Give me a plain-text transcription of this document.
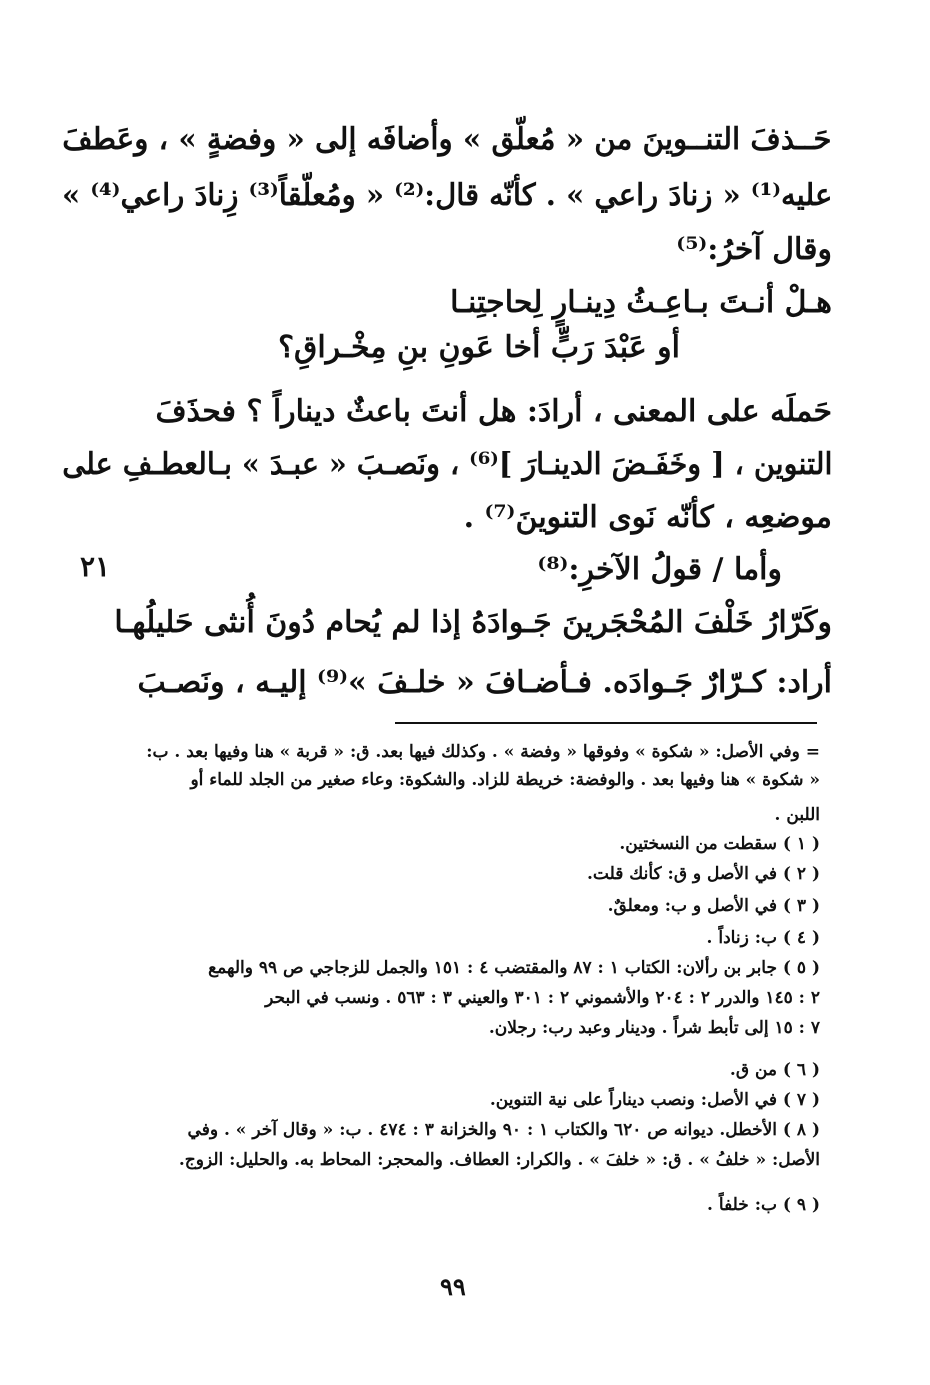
حَــذفَ التنــوينَ من « مُعلّق » وأضافَه إلى « وفضةٍ » ، وعَطفَ
عليه⁽¹⁾ « زنادَ راعي » . كأنّه قال:⁽²⁾ « ومُعلّقاً⁽³⁾ زِنادَ راعي⁽⁴⁾ »
وقال آخرُ:⁽⁵⁾
هـلْ أنـتَ بـاعِـثُ دِينـارٍ لِحاجتِنـا
أو عَبْدَ رَبٍّ أخا عَونِ بنِ مِخْـراقِ؟
حَملَه على المعنى ، أرادَ: هل أنتَ باعثٌ ديناراً ؟ فحذَفَ
التنوين ، [ وخَفَـضَ الدينـارَ ]⁽⁶⁾ ، ونَصـبَ « عبـدَ » بـالعطـفِ على
موضعِه ، كأنّه نَوى التنوينَ⁽⁷⁾ .
وأما / قولُ الآخرِ:⁽⁸⁾
وكَرّارُ خَلْفَ المُحْجَرينَ جَـوادَهُ إذا لم يُحام دُونَ أُنثى حَليلُهـا
أراد: كـرّارٌ جَـوادَه. فـأضـافَ « خلـفَ »⁽⁹⁾ إليـه ، ونَصـبَ
٢١
= وفي الأصل: « شكوة » وفوقها « وفضة » . وكذلك فيها بعد. ق: « قربة » هنا وفيها بعد . ب:
« شكوة » هنا وفيها بعد . والوفضة: خريطة للزاد. والشكوة: وعاء صغير من الجلد للماء أو
اللبن .
( ١ ) سقطت من النسختين.
( ٢ ) في الأصل و ق: كأنك قلت.
( ٣ ) في الأصل و ب: ومعلقٌ.
( ٤ ) ب: زناداً .
( ٥ ) جابر بن رألان: الكتاب ١ : ٨٧ والمقتضب ٤ : ١٥١ والجمل للزجاجي ص ٩٩ والهمع
٢ : ١٤٥ والدرر ٢ : ٢٠٤ والأشموني ٢ : ٣٠١ والعيني ٣ : ٥٦٣ . ونسب في البحر
٧ : ١٥ إلى تأبط شراً . ودينار وعبد رب: رجلان.
( ٦ ) من ق.
( ٧ ) في الأصل: ونصب ديناراً على نية التنوين.
( ٨ ) الأخطل. ديوانه ص ٦٢٠ والكتاب ١ : ٩٠ والخزانة ٣ : ٤٧٤ . ب: « وقال آخر » . وفي
الأصل: « خلفُ » . ق: « خلفَ » . والكرار: العطاف. والمحجر: المحاط به. والحليل: الزوج.
( ٩ ) ب: خلفاً .
٩٩
